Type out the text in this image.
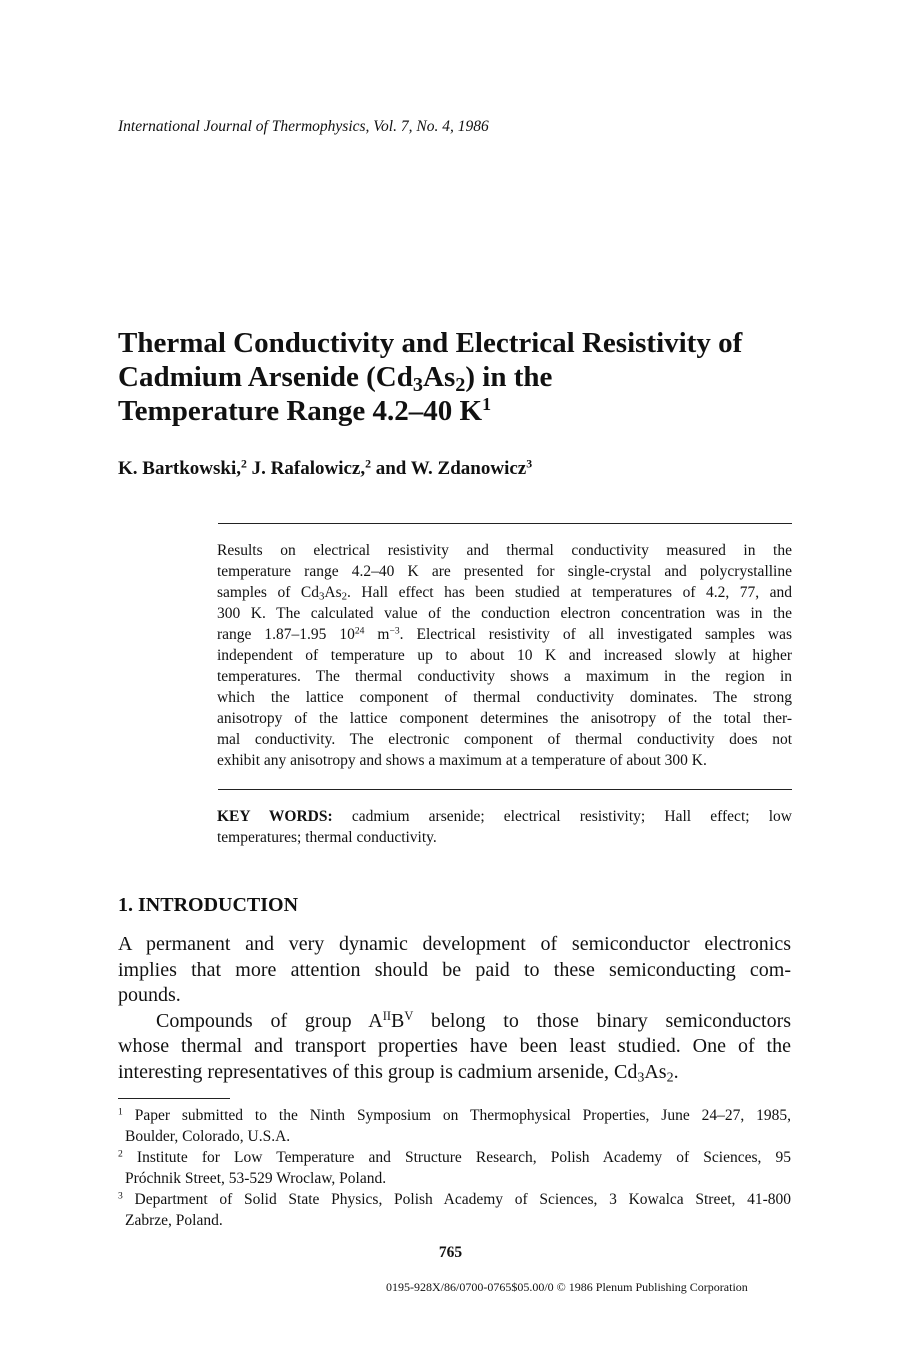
International Journal of Thermophysics, Vol. 7, No. 4, 1986
Thermal Conductivity and Electrical Resistivity of
Cadmium Arsenide $(Cd_3As_2)$ in the
Temperature Range 4.2–40 $K^1$
K. Bartkowski,$^2$ J. Rafalowicz,$^2$ and W. Zdanowicz$^3$
Results on electrical resistivity and thermal conductivity measured in the
temperature range 4.2–40 K are presented for single-crystal and polycrystalline
samples of $Cd_3As_2$. Hall effect has been studied at temperatures of 4.2, 77, and
300 K. The calculated value of the conduction electron concentration was in the
range 1.87–1.95 $10^{24}$ $m^{-3}$. Electrical resistivity of all investigated samples was
independent of temperature up to about 10 K and increased slowly at higher
temperatures. The thermal conductivity shows a maximum in the region in
which the lattice component of thermal conductivity dominates. The strong
anisotropy of the lattice component determines the anisotropy of the total ther-
mal conductivity. The electronic component of thermal conductivity does not
exhibit any anisotropy and shows a maximum at a temperature of about 300 K.
KEY WORDS: cadmium arsenide; electrical resistivity; Hall effect; low
temperatures; thermal conductivity.
1. INTRODUCTION
A permanent and very dynamic development of semiconductor electronics
implies that more attention should be paid to these semiconducting com-
pounds.
Compounds of group $A^{II}B^V$ belong to those binary semiconductors
whose thermal and transport properties have been least studied. One of the
interesting representatives of this group is cadmium arsenide, $Cd_3As_2$.
$^1$ Paper submitted to the Ninth Symposium on Thermophysical Properties, June 24–27, 1985,
Boulder, Colorado, U.S.A.
$^2$ Institute for Low Temperature and Structure Research, Polish Academy of Sciences, 95
Próchnik Street, 53-529 Wroclaw, Poland.
$^3$ Department of Solid State Physics, Polish Academy of Sciences, 3 Kowalca Street, 41-800
Zabrze, Poland.
765
0195-928X/86/0700-0765$05.00/0 © 1986 Plenum Publishing Corporation
